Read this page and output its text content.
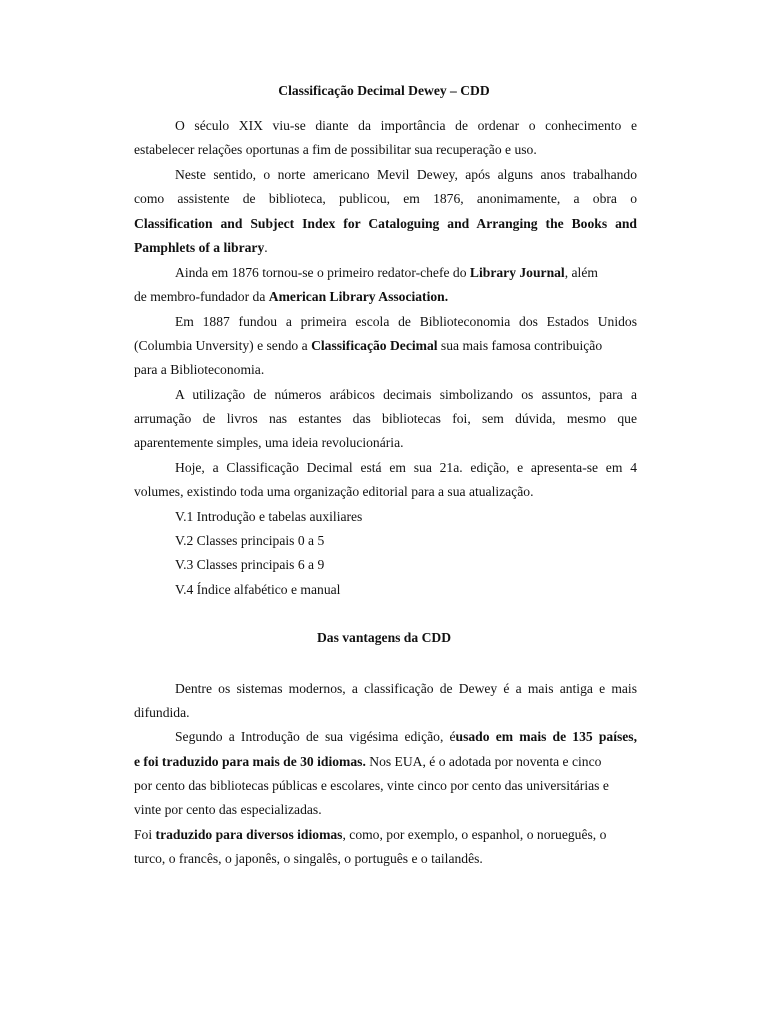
Classificação Decimal Dewey – CDD
O século XIX viu-se diante da importância de ordenar o conhecimento e
estabelecer relações oportunas a fim de possibilitar sua recuperação e uso.
Neste sentido, o norte americano Mevil Dewey, após alguns anos trabalhando
como assistente de biblioteca, publicou, em 1876, anonimamente, a obra o
Classification and Subject Index for Cataloguing and Arranging the Books and
Pamphlets of a library.
Ainda em 1876 tornou-se o primeiro redator-chefe do Library Journal, além
de membro-fundador da American Library Association.
Em 1887 fundou a primeira escola de Biblioteconomia dos Estados Unidos
(Columbia Unversity) e sendo a Classificação Decimal sua mais famosa contribuição
para a Biblioteconomia.
A utilização de números arábicos decimais simbolizando os assuntos, para a
arrumação de livros nas estantes das bibliotecas foi, sem dúvida, mesmo que
aparentemente simples, uma ideia revolucionária.
Hoje, a Classificação Decimal está em sua 21a. edição, e apresenta-se em 4
volumes, existindo toda uma organização editorial para a sua atualização.
V.1 Introdução e tabelas auxiliares
V.2 Classes principais 0 a 5
V.3 Classes principais 6 a 9
V.4 Índice alfabético e manual
Das vantagens da CDD
Dentre os sistemas modernos, a classificação de Dewey é a mais antiga e mais
difundida.
Segundo a Introdução de sua vigésima edição, éusado em mais de 135 países,
e foi traduzido para mais de 30 idiomas. Nos EUA, é o adotada por noventa e cinco
por cento das bibliotecas públicas e escolares, vinte cinco por cento das universitárias e
vinte por cento das especializadas.
Foi traduzido para diversos idiomas, como, por exemplo, o espanhol, o norueguês, o
turco, o francês, o japonês, o singalês, o português e o tailandês.
